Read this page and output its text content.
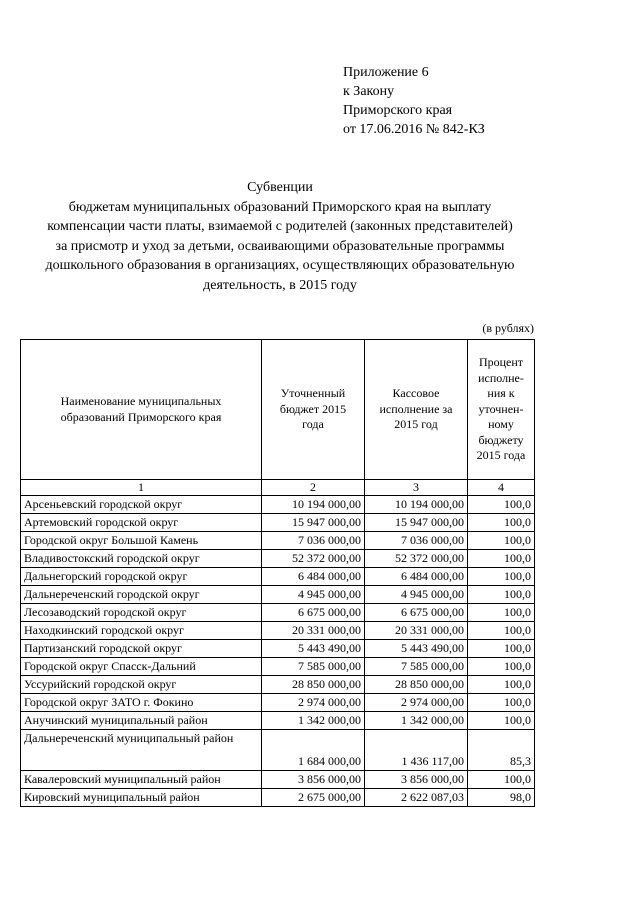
Приложение 6
к Закону
Приморского края
от 17.06.2016 № 842-КЗ
Субвенции
бюджетам муниципальных образований Приморского края на выплату
компенсации части платы, взимаемой с родителей (законных представителей)
за присмотр и уход за детьми, осваивающими образовательные программы
дошкольного образования в организациях, осуществляющих образовательную
деятельность, в 2015 году
(в рублях)
Наименование муниципальных образований Приморского края	Уточненный бюджет 2015 года	Кассовое исполнение за 2015 год	Процент исполне-ния к уточнен-ному бюджету 2015 года
1	2	3	4
Арсеньевский городской округ	10 194 000,00	10 194 000,00	100,0
Артемовский городской округ	15 947 000,00	15 947 000,00	100,0
Городской округ Большой Камень	7 036 000,00	7 036 000,00	100,0
Владивостокский городской округ	52 372 000,00	52 372 000,00	100,0
Дальнегорский городской округ	6 484 000,00	6 484 000,00	100,0
Дальнереченский городской округ	4 945 000,00	4 945 000,00	100,0
Лесозаводский городской округ	6 675 000,00	6 675 000,00	100,0
Находкинский городской округ	20 331 000,00	20 331 000,00	100,0
Партизанский городской округ	5 443 490,00	5 443 490,00	100,0
Городской округ Спасск-Дальний	7 585 000,00	7 585 000,00	100,0
Уссурийский городской округ	28 850 000,00	28 850 000,00	100,0
Городской округ ЗАТО г. Фокино	2 974 000,00	2 974 000,00	100,0
Анучинский муниципальный район	1 342 000,00	1 342 000,00	100,0
Дальнереченский муниципальный район	1 684 000,00	1 436 117,00	85,3
Кавалеровский муниципальный район	3 856 000,00	3 856 000,00	100,0
Кировский муниципальный район	2 675 000,00	2 622 087,03	98,0
